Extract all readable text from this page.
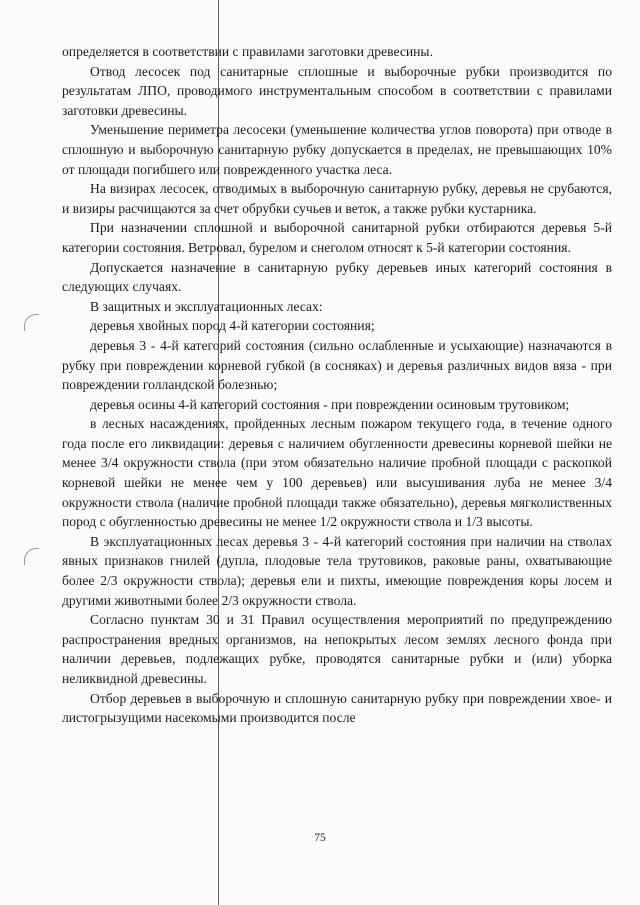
определяется в соответствии с правилами заготовки древесины.

Отвод лесосек под санитарные сплошные и выборочные рубки производится по результатам ЛПО, проводимого инструментальным способом в соответствии с правилами заготовки древесины.

Уменьшение периметра лесосеки (уменьшение количества углов поворота) при отводе в сплошную и выборочную санитарную рубку допускается в пределах, не превышающих 10% от площади погибшего или поврежденного участка леса.

На визирах лесосек, отводимых в выборочную санитарную рубку, деревья не срубаются, и визиры расчищаются за счет обрубки сучьев и веток, а также рубки кустарника.

При назначении сплошной и выборочной санитарной рубки отбираются деревья 5-й категории состояния. Ветровал, бурелом и снеголом относят к 5-й категории состояния.

Допускается назначение в санитарную рубку деревьев иных категорий состояния в следующих случаях.

В защитных и эксплуатационных лесах:

деревья хвойных пород 4-й категории состояния;

деревья 3 - 4-й категорий состояния (сильно ослабленные и усыхающие) назначаются в рубку при повреждении корневой губкой (в сосняках) и деревья различных видов вяза - при повреждении голландской болезнью;

деревья осины 4-й категорий состояния - при повреждении осиновым трутовиком;

в лесных насаждениях, пройденных лесным пожаром текущего года, в течение одного года после его ликвидации: деревья с наличием обугленности древесины корневой шейки не менее 3/4 окружности ствола (при этом обязательно наличие пробной площади с раскопкой корневой шейки не менее чем у 100 деревьев) или высушивания луба не менее 3/4 окружности ствола (наличие пробной площади также обязательно), деревья мягколиственных пород с обугленностью древесины не менее 1/2 окружности ствола и 1/3 высоты.

В эксплуатационных лесах деревья 3 - 4-й категорий состояния при наличии на стволах явных признаков гнилей (дупла, плодовые тела трутовиков, раковые раны, охватывающие более 2/3 окружности ствола); деревья ели и пихты, имеющие повреждения коры лосем и другими животными более 2/3 окружности ствола.

Согласно пунктам 30 и 31 Правил осуществления мероприятий по предупреждению распространения вредных организмов, на непокрытых лесом землях лесного фонда при наличии деревьев, подлежащих рубке, проводятся санитарные рубки и (или) уборка неликвидной древесины.

Отбор деревьев в выборочную и сплошную санитарную рубку при повреждении хвое- и листогрызущими насекомыми производится после

75
